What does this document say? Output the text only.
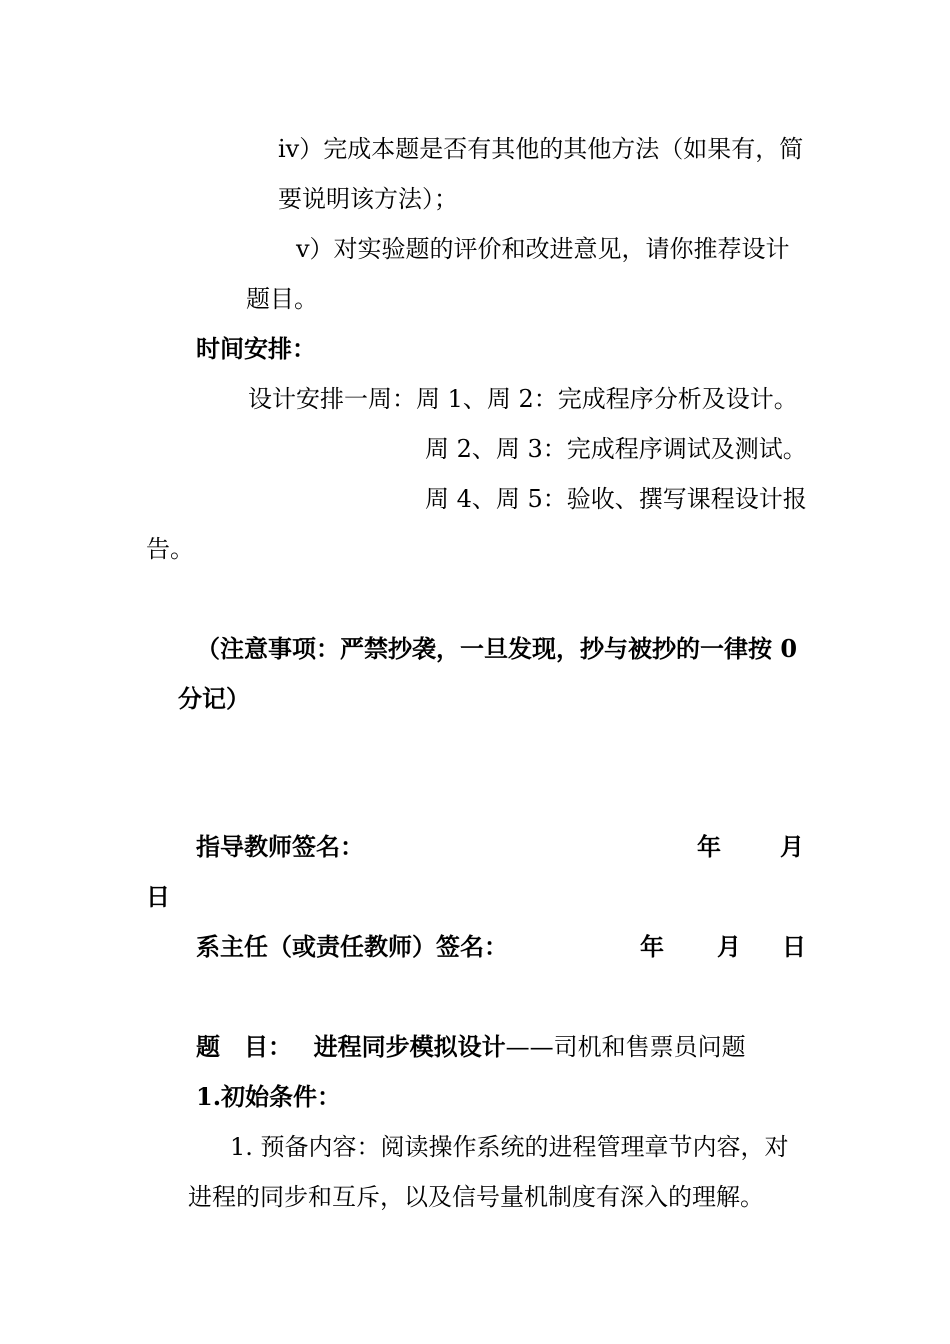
iv）完成本题是否有其他的其他方法（如果有，简
要说明该方法）；
v）对实验题的评价和改进意见，请你推荐设计
题目。
时间安排：
设计安排一周：周 1、周 2：完成程序分析及设计。
周 2、周 3：完成程序调试及测试。
周 4、周 5：验收、撰写课程设计报
告。
（注意事项：严禁抄袭，一旦发现，抄与被抄的一律按 0
分记）
指导教师签名：	年 月
日
系主任（或责任教师）签名：	年 月 日
题　目： 进程同步模拟设计——司机和售票员问题
1.初始条件：
1. 预备内容：阅读操作系统的进程管理章节内容，对
进程的同步和互斥，以及信号量机制度有深入的理解。
